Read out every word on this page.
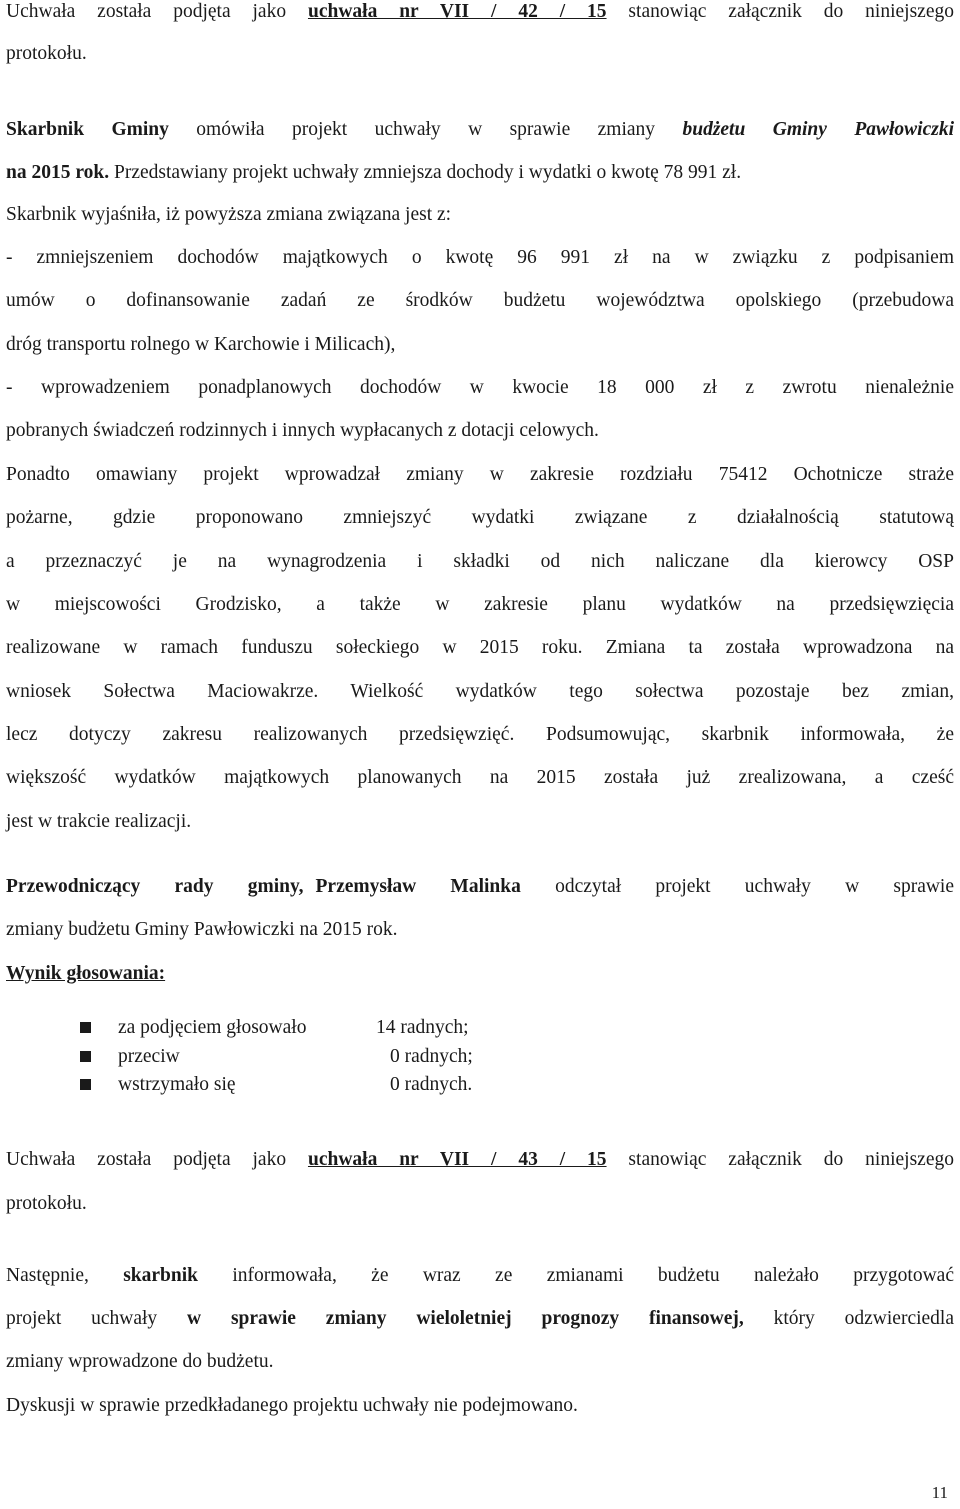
Uchwała została podjęta jako uchwała nr VII / 42 / 15 stanowiąc załącznik do niniejszego
protokołu.
Skarbnik Gminy omówiła projekt uchwały w sprawie zmiany budżetu Gminy Pawłowiczki
na 2015 rok. Przedstawiany projekt uchwały zmniejsza dochody i wydatki o kwotę 78 991 zł.
Skarbnik wyjaśniła, iż powyższa zmiana związana jest z:
- zmniejszeniem dochodów majątkowych o kwotę 96 991 zł na w związku z podpisaniem
umów o dofinansowanie zadań ze środków budżetu województwa opolskiego (przebudowa
dróg transportu rolnego w Karchowie i Milicach),
- wprowadzeniem ponadplanowych dochodów w kwocie 18 000 zł z zwrotu nienależnie
pobranych świadczeń rodzinnych i innych wypłacanych z dotacji celowych.
Ponadto omawiany projekt wprowadzał zmiany w zakresie rozdziału 75412 Ochotnicze straże
pożarne, gdzie proponowano zmniejszyć wydatki związane z działalnością statutową
a przeznaczyć je na wynagrodzenia i składki od nich naliczane dla kierowcy OSP
w miejscowości Grodzisko, a także w zakresie planu wydatków na przedsięwzięcia
realizowane w ramach funduszu sołeckiego w 2015 roku. Zmiana ta została wprowadzona na
wniosek Sołectwa Maciowakrze. Wielkość wydatków tego sołectwa pozostaje bez zmian,
lecz dotyczy zakresu realizowanych przedsięwzięć. Podsumowując, skarbnik informowała, że
większość wydatków majątkowych planowanych na 2015 została już zrealizowana, a cześć
jest w trakcie realizacji.
Przewodniczący rady gminy, Przemysław Malinka odczytał projekt uchwały w sprawie
zmiany budżetu Gminy Pawłowiczki na 2015 rok.
Wynik głosowania:
za podjęciem głosowało	14 radnych;
przeciw	0 radnych;
wstrzymało się	0 radnych.
Uchwała została podjęta jako uchwała nr VII / 43 / 15 stanowiąc załącznik do niniejszego
protokołu.
Następnie, skarbnik informowała, że wraz ze zmianami budżetu należało przygotować
projekt uchwały w sprawie zmiany wieloletniej prognozy finansowej, który odzwierciedla
zmiany wprowadzone do budżetu.
Dyskusji w sprawie przedkładanego projektu uchwały nie podejmowano.
11
